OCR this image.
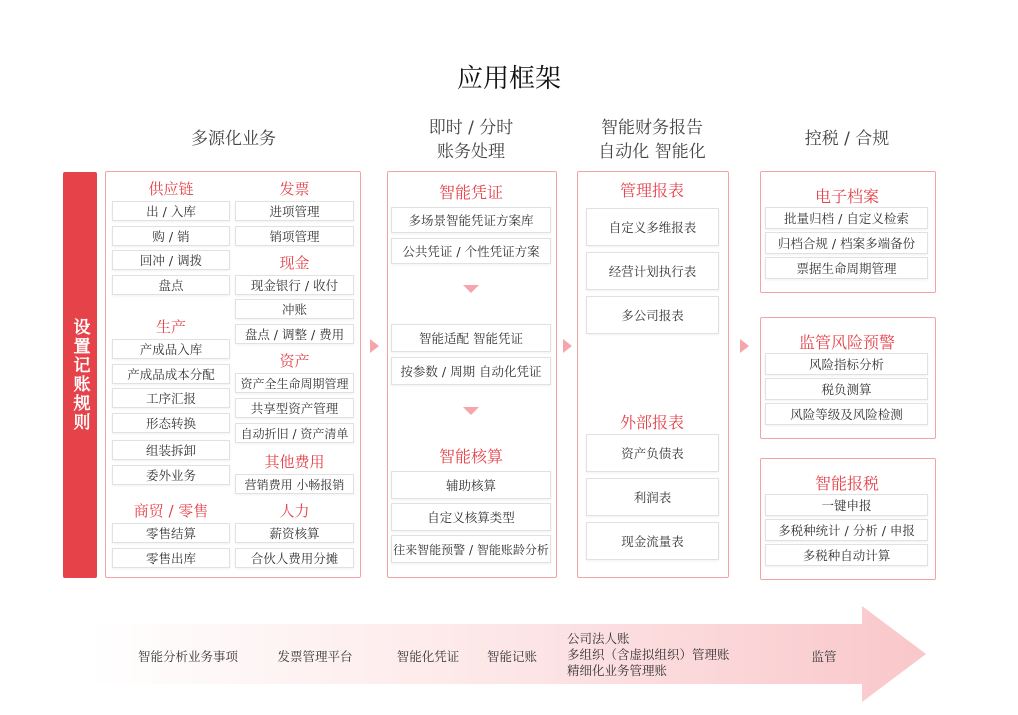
应用框架
多源化业务
即时 / 分时
账务处理
智能财务报告
自动化 智能化
控税 / 合规
设置记账规则
供应链
出 / 入库
购 / 销
回冲 / 调拨
盘点
生产
产成品入库
产成品成本分配
工序汇报
形态转换
组装拆卸
委外业务
商贸 / 零售
零售结算
零售出库
发票
进项管理
销项管理
现金
现金银行 / 收付
冲账
盘点 / 调整 / 费用
资产
资产全生命周期管理
共享型资产管理
自动折旧 / 资产清单
其他费用
营销费用 小畅报销
人力
薪资核算
合伙人费用分摊
智能凭证
多场景智能凭证方案库
公共凭证 / 个性凭证方案
智能适配 智能凭证
按参数 / 周期 自动化凭证
智能核算
辅助核算
自定义核算类型
往来智能预警 / 智能账龄分析
管理报表
自定义多维报表
经营计划执行表
多公司报表
外部报表
资产负债表
利润表
现金流量表
电子档案
批量归档 / 自定义检索
归档合规 / 档案多端备份
票据生命周期管理
监管风险预警
风险指标分析
税负测算
风险等级及风险检测
智能报税
一键申报
多税种统计 / 分析 / 申报
多税种自动计算
智能分析业务事项	发票管理平台	智能化凭证	智能记账
公司法人账
多组织（含虚拟组织）管理账
精细化业务管理账
监管
